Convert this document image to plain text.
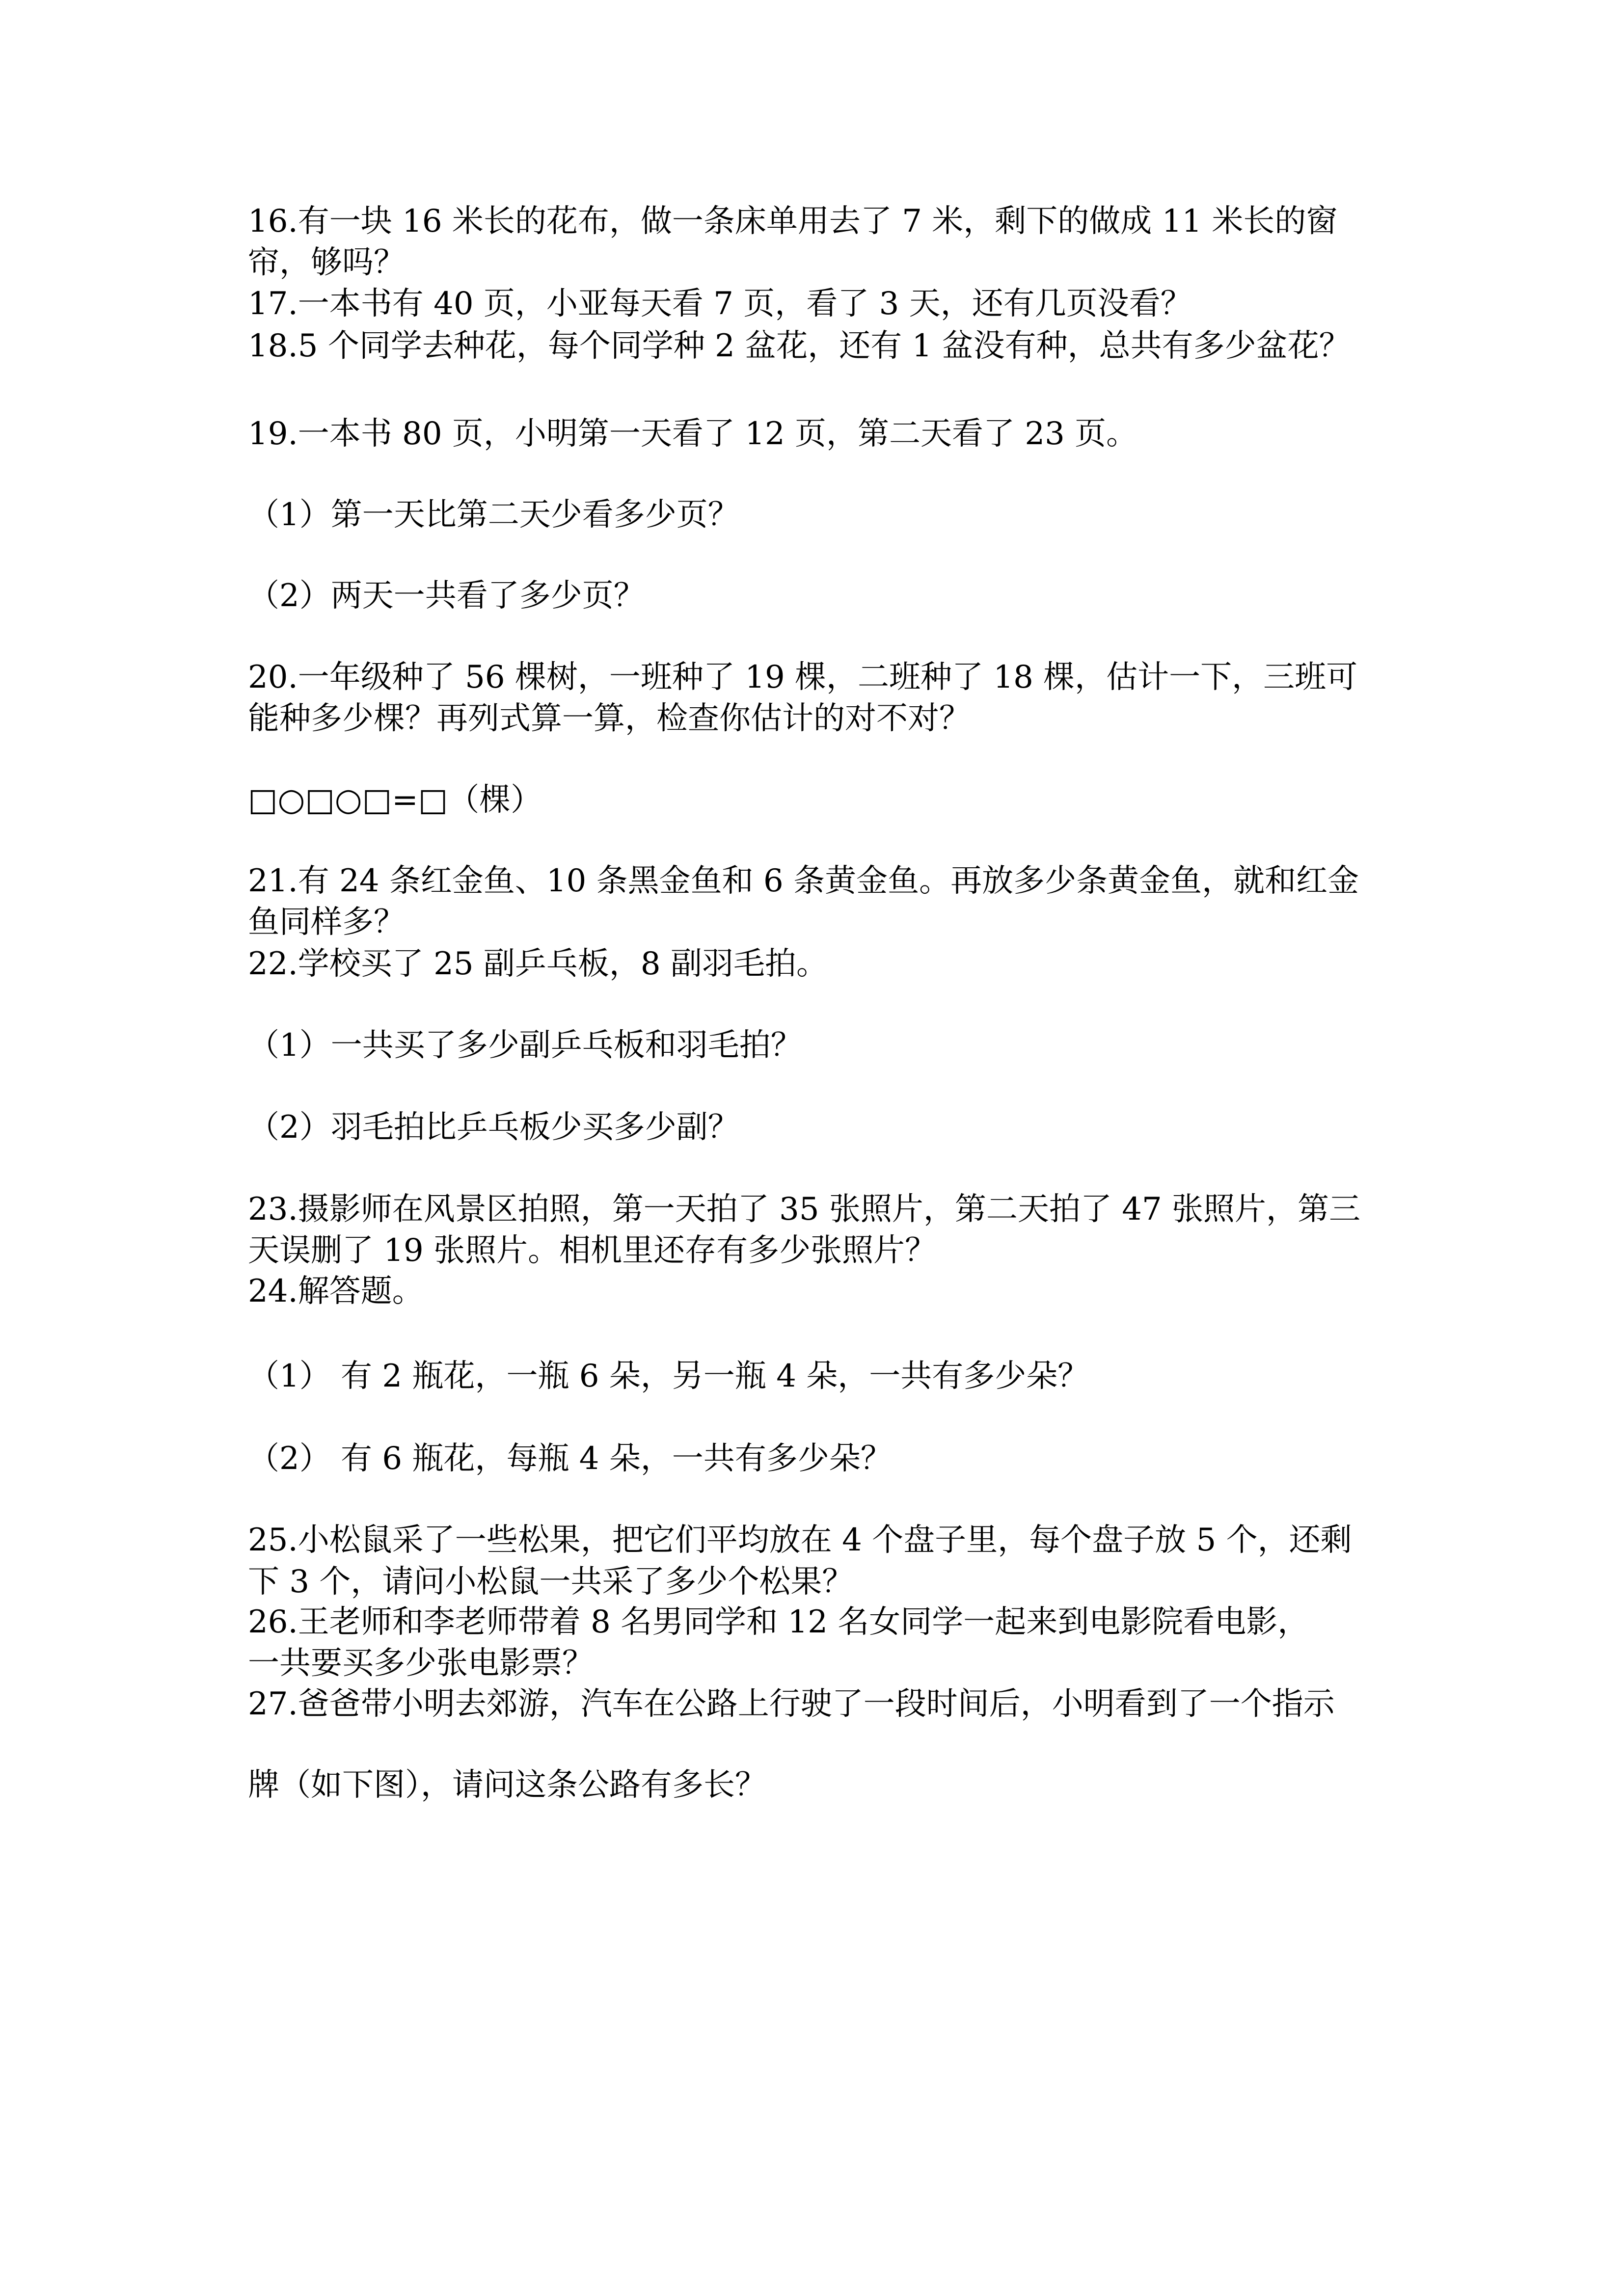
16.有一块 16 米长的花布，做一条床单用去了 7 米，剩下的做成 11 米长的窗
帘，够吗？
17.一本书有 40 页，小亚每天看 7 页，看了 3 天，还有几页没看？
18.5 个同学去种花，每个同学种 2 盆花，还有 1 盆没有种，总共有多少盆花？
19.一本书 80 页，小明第一天看了 12 页，第二天看了 23 页。
（1）第一天比第二天少看多少页？
（2）两天一共看了多少页？
20.一年级种了 56 棵树，一班种了 19 棵，二班种了 18 棵，估计一下，三班可
能种多少棵？再列式算一算，检查你估计的对不对？
□○□○□=□（棵）
21.有 24 条红金鱼、10 条黑金鱼和 6 条黄金鱼。再放多少条黄金鱼，就和红金
鱼同样多？
22.学校买了 25 副乒乓板，8 副羽毛拍。
（1）一共买了多少副乒乓板和羽毛拍？
（2）羽毛拍比乒乓板少买多少副？
23.摄影师在风景区拍照，第一天拍了 35 张照片，第二天拍了 47 张照片，第三
天误删了 19 张照片。相机里还存有多少张照片？
24.解答题。
（1） 有 2 瓶花，一瓶 6 朵，另一瓶 4 朵，一共有多少朵？
（2） 有 6 瓶花，每瓶 4 朵，一共有多少朵？
25.小松鼠采了一些松果，把它们平均放在 4 个盘子里，每个盘子放 5 个，还剩
下 3 个，请问小松鼠一共采了多少个松果？
26.王老师和李老师带着 8 名男同学和 12 名女同学一起来到电影院看电影，
一共要买多少张电影票？
27.爸爸带小明去郊游，汽车在公路上行驶了一段时间后，小明看到了一个指示
牌（如下图），请问这条公路有多长？
